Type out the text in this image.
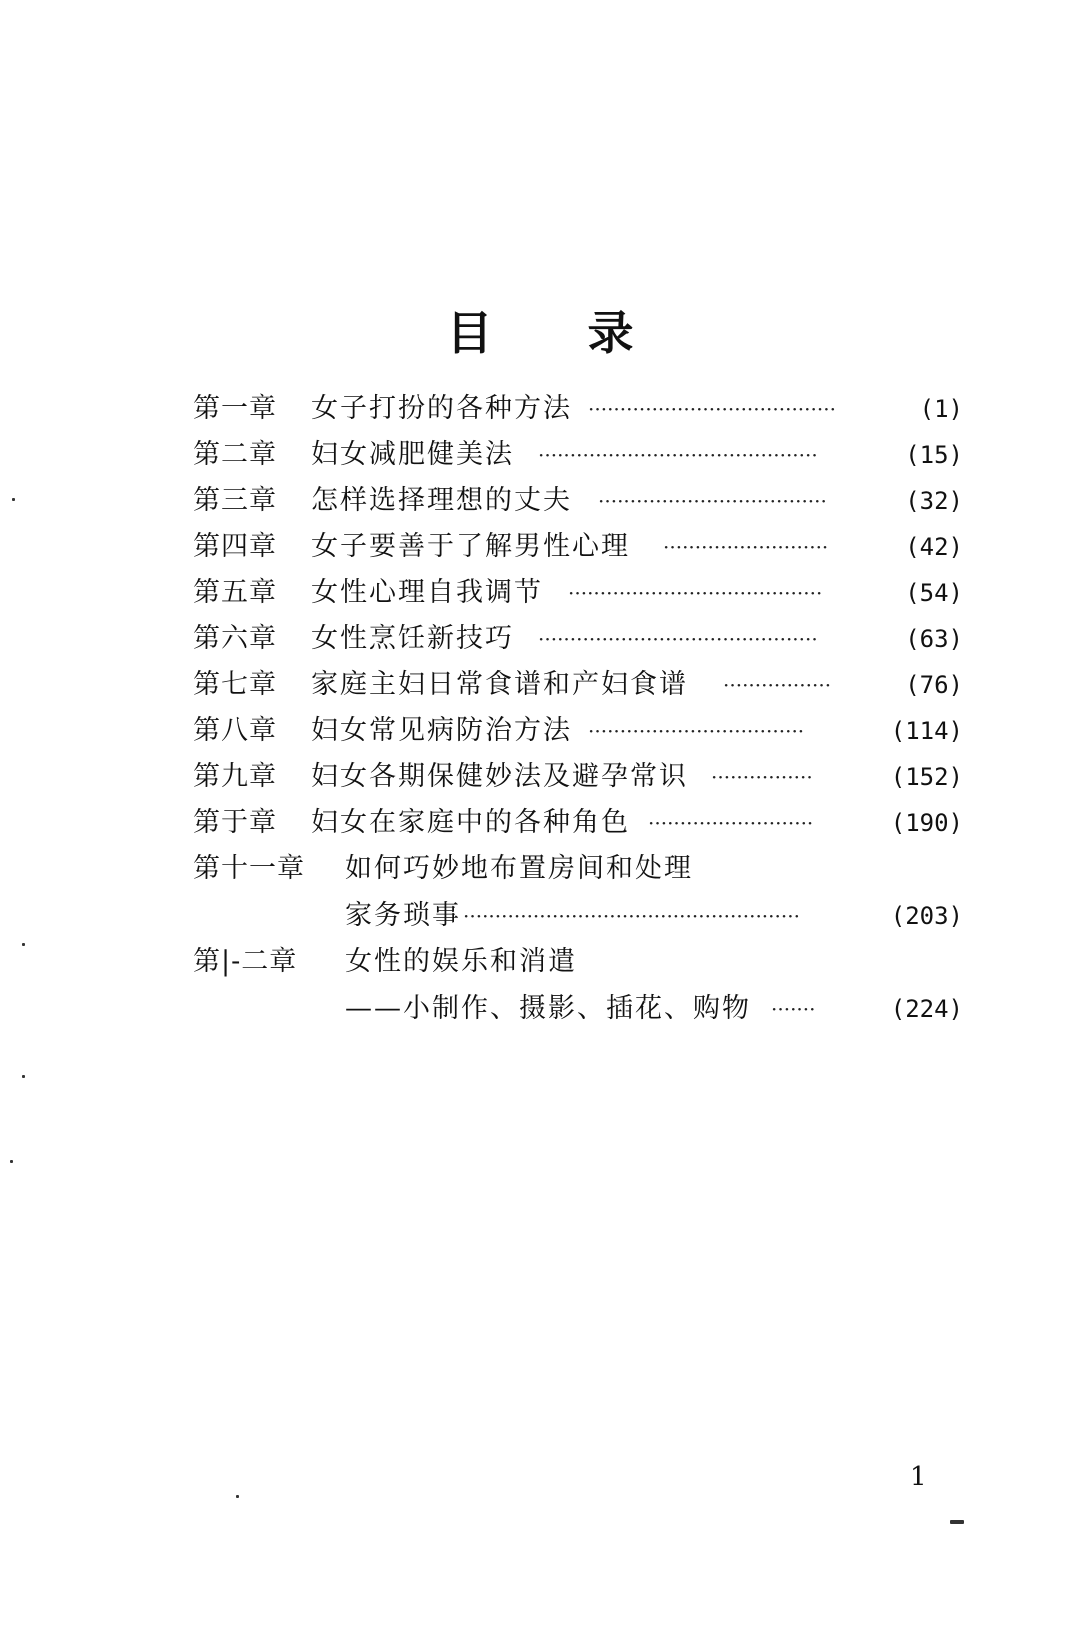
目 录
第一章 女子打扮的各种方法 ·······································	(1)
第二章 妇女减肥健美法 ············································	(15)
第三章 怎样选择理想的丈夫 ····································	(32)
第四章 女子要善于了解男性心理 ··························	(42)
第五章 女性心理自我调节 ········································	(54)
第六章 女性烹饪新技巧 ············································	(63)
第七章 家庭主妇日常食谱和产妇食谱 ·················	(76)
第八章 妇女常见病防治方法 ··································	(114)
第九章 妇女各期保健妙法及避孕常识 ················	(152)
第于章 妇女在家庭中的各种角色 ··························	(190)
第十一章 如何巧妙地布置房间和处理
家务琐事 ·····················································	(203)
第|-二章 女性的娱乐和消遣
——小制作、摄影、插花、购物 ·······	(224)
1
